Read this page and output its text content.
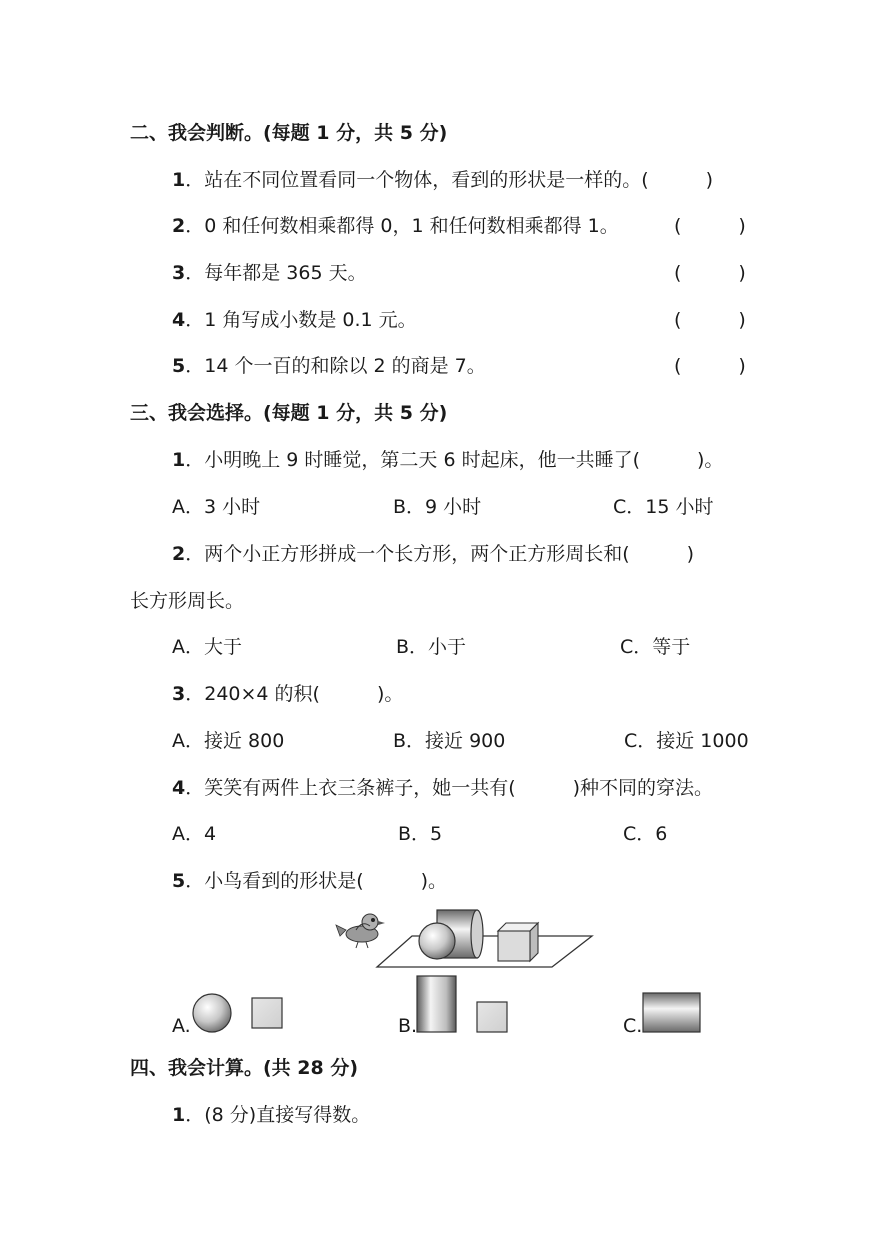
二、我会判断。(每题 1 分，共 5 分)
1．站在不同位置看同一个物体，看到的形状是一样的。(　　　)
2．0 和任何数相乘都得 0，1 和任何数相乘都得 1。	(　　　)
3．每年都是 365 天。	(　　　)
4．1 角写成小数是 0.1 元。	(　　　)
5．14 个一百的和除以 2 的商是 7。	(　　　)
三、我会选择。(每题 1 分，共 5 分)
1．小明晚上 9 时睡觉，第二天 6 时起床，他一共睡了(　　　)。
A．3 小时	B．9 小时	C．15 小时
2．两个小正方形拼成一个长方形，两个正方形周长和(　　　)
长方形周长。
A．大于	B．小于	C．等于
3．240×4 的积(　　　)。
A．接近 800	B．接近 900	C．接近 1000
4．笑笑有两件上衣三条裤子，她一共有(　　　)种不同的穿法。
A．4	B．5	C．6
5．小鸟看到的形状是(　　　)。
A.	B.	C.
四、我会计算。(共 28 分)
1．(8 分)直接写得数。
